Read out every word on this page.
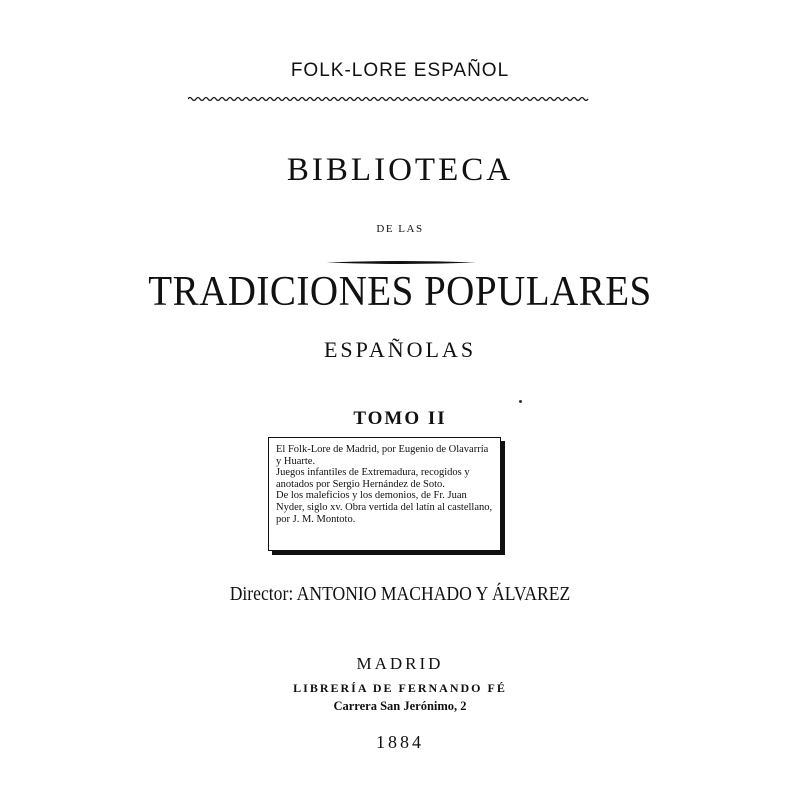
FOLK-LORE ESPAÑOL
BIBLIOTECA
DE LAS
TRADICIONES POPULARES
ESPAÑOLAS
TOMO II

El Folk-Lore de Madrid, por Eugenio de Olavarría y Huarte.

Juegos infantiles de Extremadura, recogidos y anotados por Sergio Hernández de Soto.

De los maleficios y los demonios, de Fr. Juan Nyder, siglo xv. Obra vertida del latín al castellano, por J. M. Montoto.

Director: ANTONIO MACHADO Y ÁLVAREZ
MADRID
LIBRERÍA DE FERNANDO FÉ
Carrera San Jerónimo, 2
1884
